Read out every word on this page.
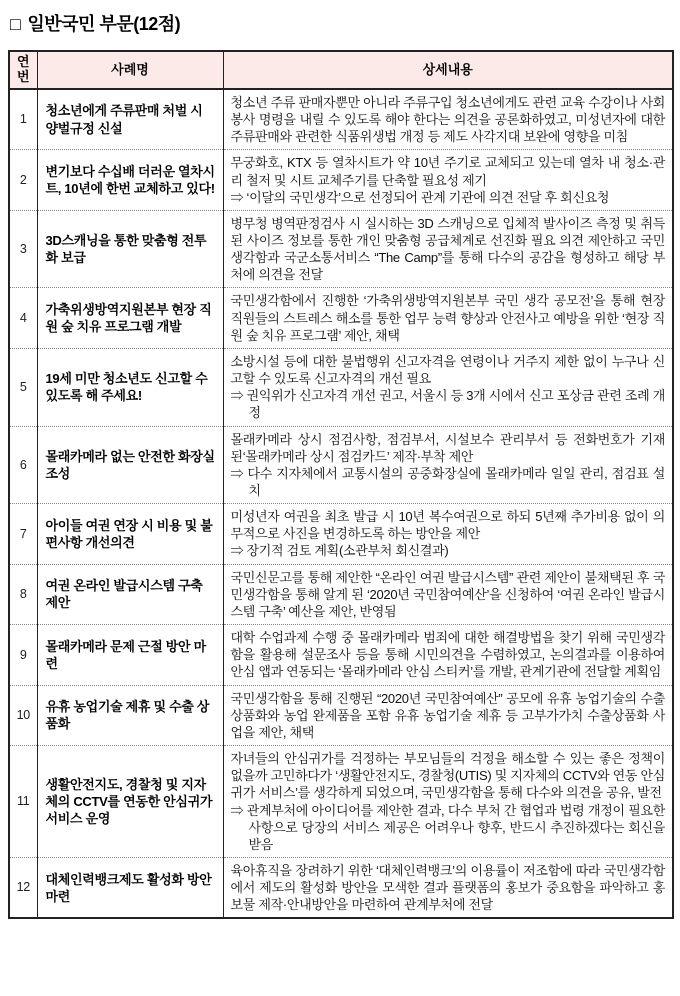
□ 일반국민 부문(12점)
연번	사례명	상세내용
1	청소년에게 주류판매 처벌 시 양벌규정 신설	청소년 주류 판매자뿐만 아니라 주류구입 청소년에게도 관련 교육 수강이나 사회봉사 명령을 내릴 수 있도록 해야 한다는 의견을 공론화하였고, 미성년자에 대한 주류판매와 관련한 식품위생법 개정 등 제도 사각지대 보완에 영향을 미침

2	변기보다 수십배 더러운 열차시트, 10년에 한번 교체하고 있다!	무궁화호, KTX 등 열차시트가 약 10년 주기로 교체되고 있는데 열차 내 청소·관리 철저 및 시트 교체주기를 단축할 필요성 제기
⇒ ‘이달의 국민생각’으로 선정되어 관계 기관에 의견 전달 후 회신요청

3	3D스캐닝을 통한 맞춤형 전투화 보급	병무청 병역판정검사 시 실시하는 3D 스캐닝으로 입체적 발사이즈 측정 및 취득된 사이즈 정보를 통한 개인 맞춤형 공급체계로 선진화 필요 의견 제안하고 국민생각함과 국군소통서비스 “The Camp”를 통해 다수의 공감을 형성하고 해당 부처에 의견을 전달

4	가축위생방역지원본부 현장 직원 숲 치유 프로그램 개발	국민생각함에서 진행한 ‘가축위생방역지원본부 국민 생각 공모전’을 통해 현장 직원들의 스트레스 해소를 통한 업무 능력 향상과 안전사고 예방을 위한 ‘현장 직원 숲 치유 프로그램’ 제안, 채택

5	19세 미만 청소년도 신고할 수 있도록 해 주세요!	소방시설 등에 대한 불법행위 신고자격을 연령이나 거주지 제한 없이 누구나 신고할 수 있도록 신고자격의 개선 필요
⇒ 권익위가 신고자격 개선 권고, 서울시 등 3개 시에서 신고 포상금 관련 조례 개정

6	몰래카메라 없는 안전한 화장실 조성	몰래카메라 상시 점검사항, 점검부서, 시설보수 관리부서 등 전화번호가 기재된‘몰래카메라 상시 점검카드’ 제작·부착 제안
⇒ 다수 지자체에서 교통시설의 공중화장실에 몰래카메라 일일 관리, 점검표 설치

7	아이들 여권 연장 시 비용 및 불편사항 개선의견	미성년자 여권을 최초 발급 시 10년 복수여권으로 하되 5년째 추가비용 없이 의무적으로 사진을 변경하도록 하는 방안을 제안
⇒ 장기적 검토 계획(소관부처 회신결과)

8	여권 온라인 발급시스템 구축 제안	국민신문고를 통해 제안한 “온라인 여권 발급시스템” 관련 제안이 불채택된 후 국민생각함을 통해 알게 된 ‘2020년 국민참여예산’을 신청하여 ‘여권 온라인 발급시스템 구축’ 예산을 제안, 반영됨

9	몰래카메라 문제 근절 방안 마련	대학 수업과제 수행 중 몰래카메라 범죄에 대한 해결방법을 찾기 위해 국민생각함을 활용해 설문조사 등을 통해 시민의견을 수렴하였고, 논의결과를 이용하여 안심 앱과 연동되는 ‘몰래카메라 안심 스티커’를 개발, 관계기관에 전달할 계획임

10	유휴 농업기술 제휴 및 수출 상품화	국민생각함을 통해 진행된 “2020년 국민참여예산” 공모에 유휴 농업기술의 수출상품화와 농업 완제품을 포함 유휴 농업기술 제휴 등 고부가가치 수출상품화 사업을 제안, 채택

11	생활안전지도, 경찰청 및 지자체의 CCTV를 연동한 안심귀가서비스 운영	자녀들의 안심귀가를 걱정하는 부모님들의 걱정을 해소할 수 있는 좋은 정책이 없을까 고민하다가 ‘생활안전지도, 경찰청(UTIS) 및 지자체의 CCTV와 연동 안심귀가 서비스’를 생각하게 되었으며, 국민생각함을 통해 다수와 의견을 공유, 발전
⇒ 관계부처에 아이디어를 제안한 결과, 다수 부처 간 협업과 법령 개정이 필요한 사항으로 당장의 서비스 제공은 어려우나 향후, 반드시 추진하겠다는 회신을 받음

12	대체인력뱅크제도 활성화 방안 마련	육아휴직을 장려하기 위한 ‘대체인력뱅크’의 이용률이 저조함에 따라 국민생각함에서 제도의 활성화 방안을 모색한 결과 플랫폼의 홍보가 중요함을 파악하고 홍보물 제작·안내방안을 마련하여 관계부처에 전달
